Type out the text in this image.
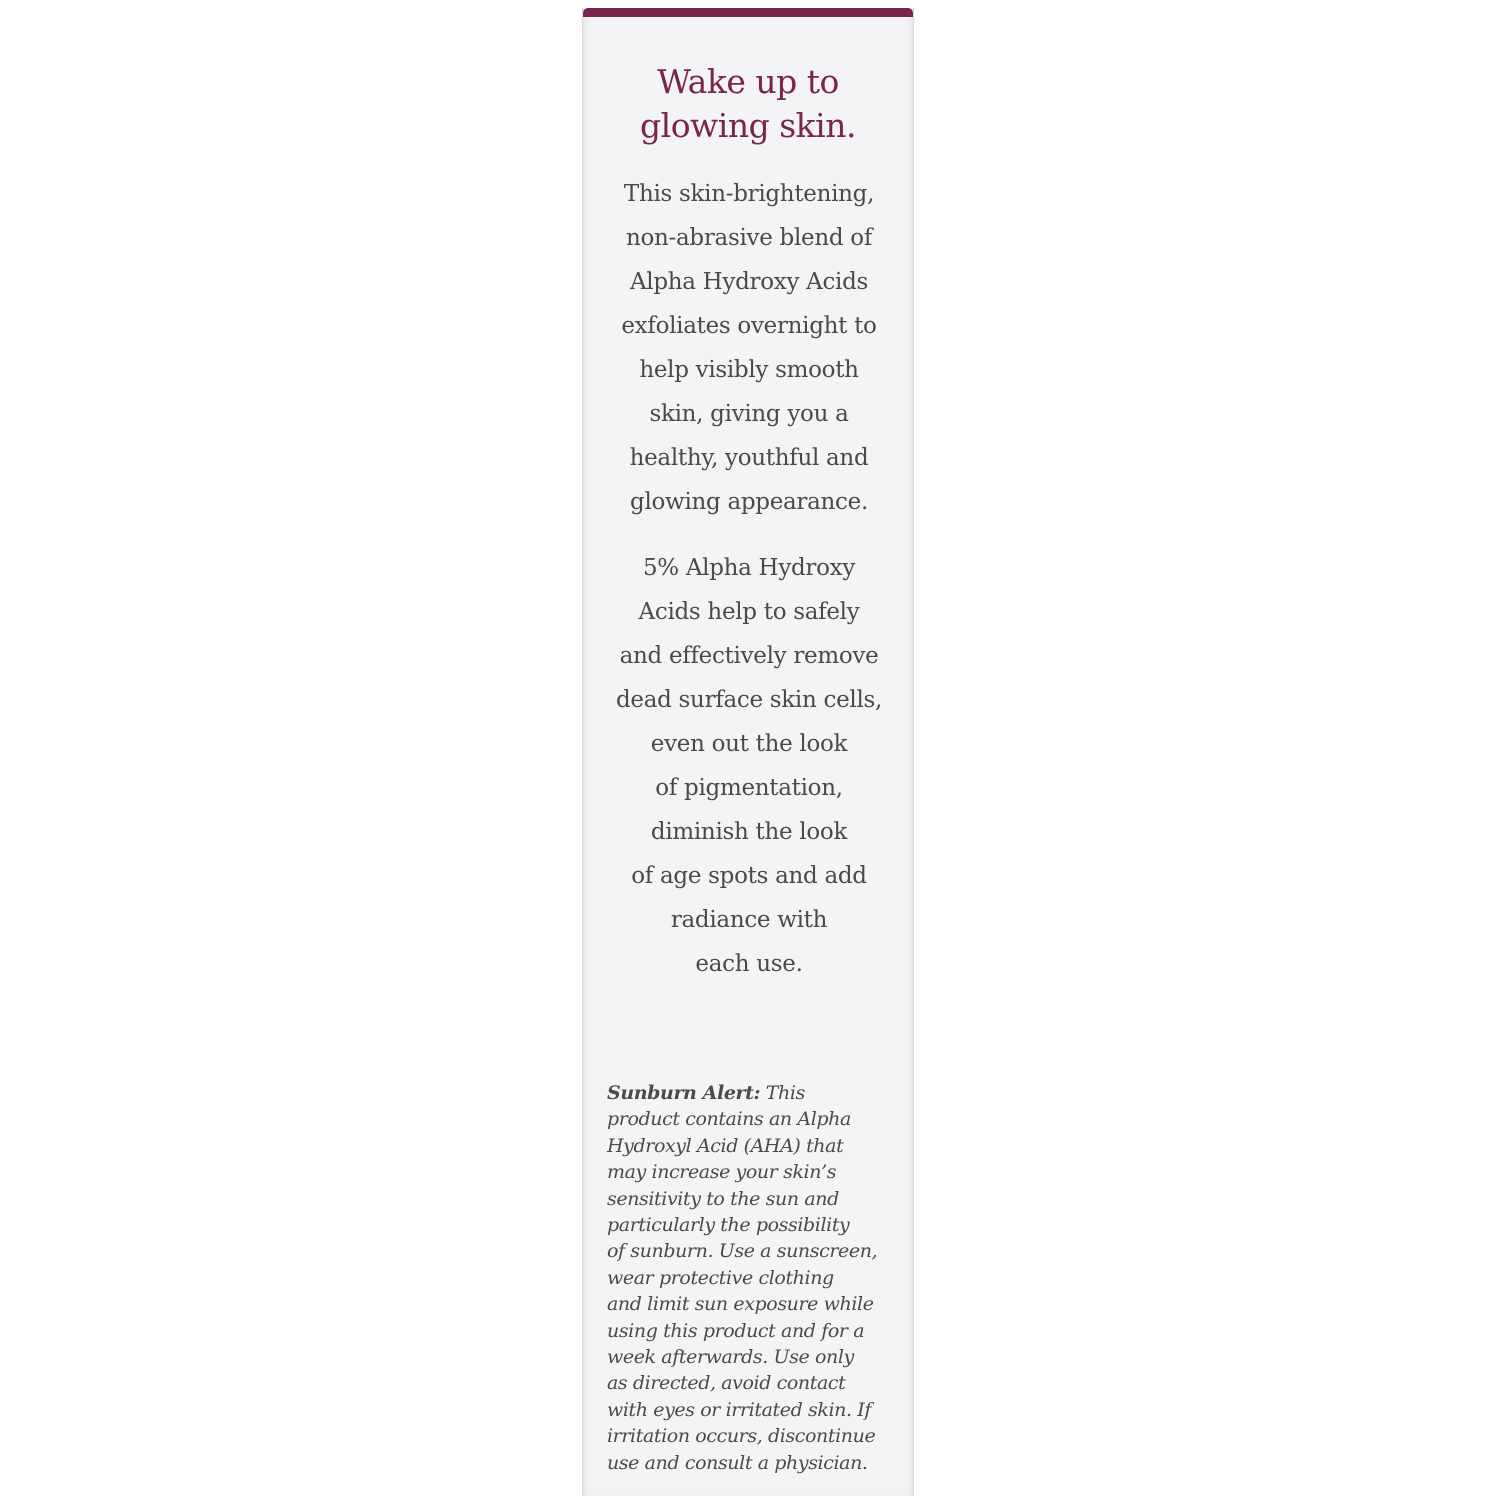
Wake up to
glowing skin.

This skin-brightening,
non-abrasive blend of
Alpha Hydroxy Acids
exfoliates overnight to
help visibly smooth
skin, giving you a
healthy, youthful and
glowing appearance.

5% Alpha Hydroxy
Acids help to safely
and effectively remove
dead surface skin cells,
even out the look
of pigmentation,
diminish the look
of age spots and add
radiance with
each use.

Sunburn Alert: This
product contains an Alpha
Hydroxyl Acid (AHA) that
may increase your skin’s
sensitivity to the sun and
particularly the possibility
of sunburn. Use a sunscreen,
wear protective clothing
and limit sun exposure while
using this product and for a
week afterwards. Use only
as directed, avoid contact
with eyes or irritated skin. If
irritation occurs, discontinue
use and consult a physician.
